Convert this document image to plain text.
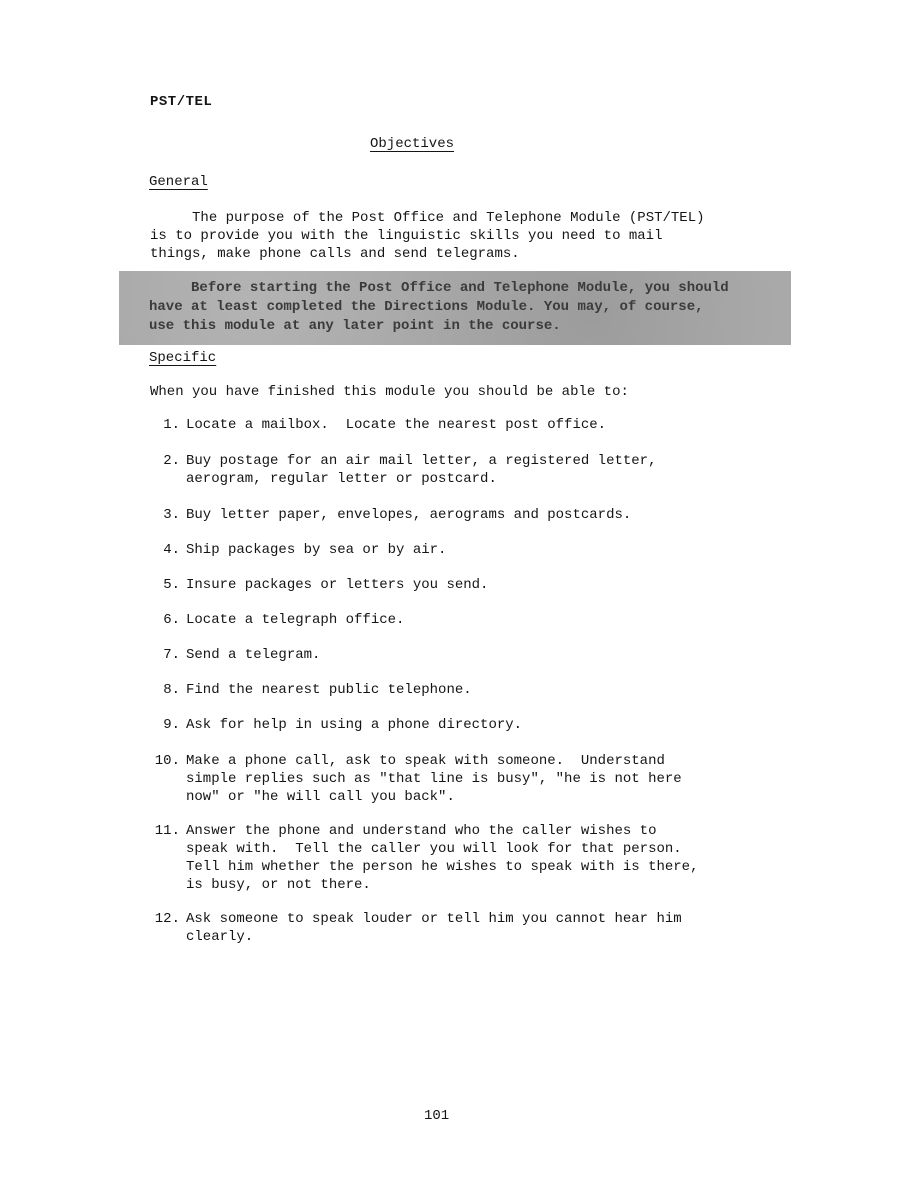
PST/TEL
Objectives
General
The purpose of the Post Office and Telephone Module (PST/TEL)
is to provide you with the linguistic skills you need to mail
things, make phone calls and send telegrams.
Before starting the Post Office and Telephone Module, you should
have at least completed the Directions Module. You may, of course,
use this module at any later point in the course.
Specific
When you have finished this module you should be able to:
1. Locate a mailbox.  Locate the nearest post office.
2. Buy postage for an air mail letter, a registered letter,
aerogram, regular letter or postcard.
3. Buy letter paper, envelopes, aerograms and postcards.
4. Ship packages by sea or by air.
5. Insure packages or letters you send.
6. Locate a telegraph office.
7. Send a telegram.
8. Find the nearest public telephone.
9. Ask for help in using a phone directory.
10. Make a phone call, ask to speak with someone.  Understand
simple replies such as "that line is busy", "he is not here
now" or "he will call you back".
11. Answer the phone and understand who the caller wishes to
speak with.  Tell the caller you will look for that person.
Tell him whether the person he wishes to speak with is there,
is busy, or not there.
12. Ask someone to speak louder or tell him you cannot hear him
clearly.
101
